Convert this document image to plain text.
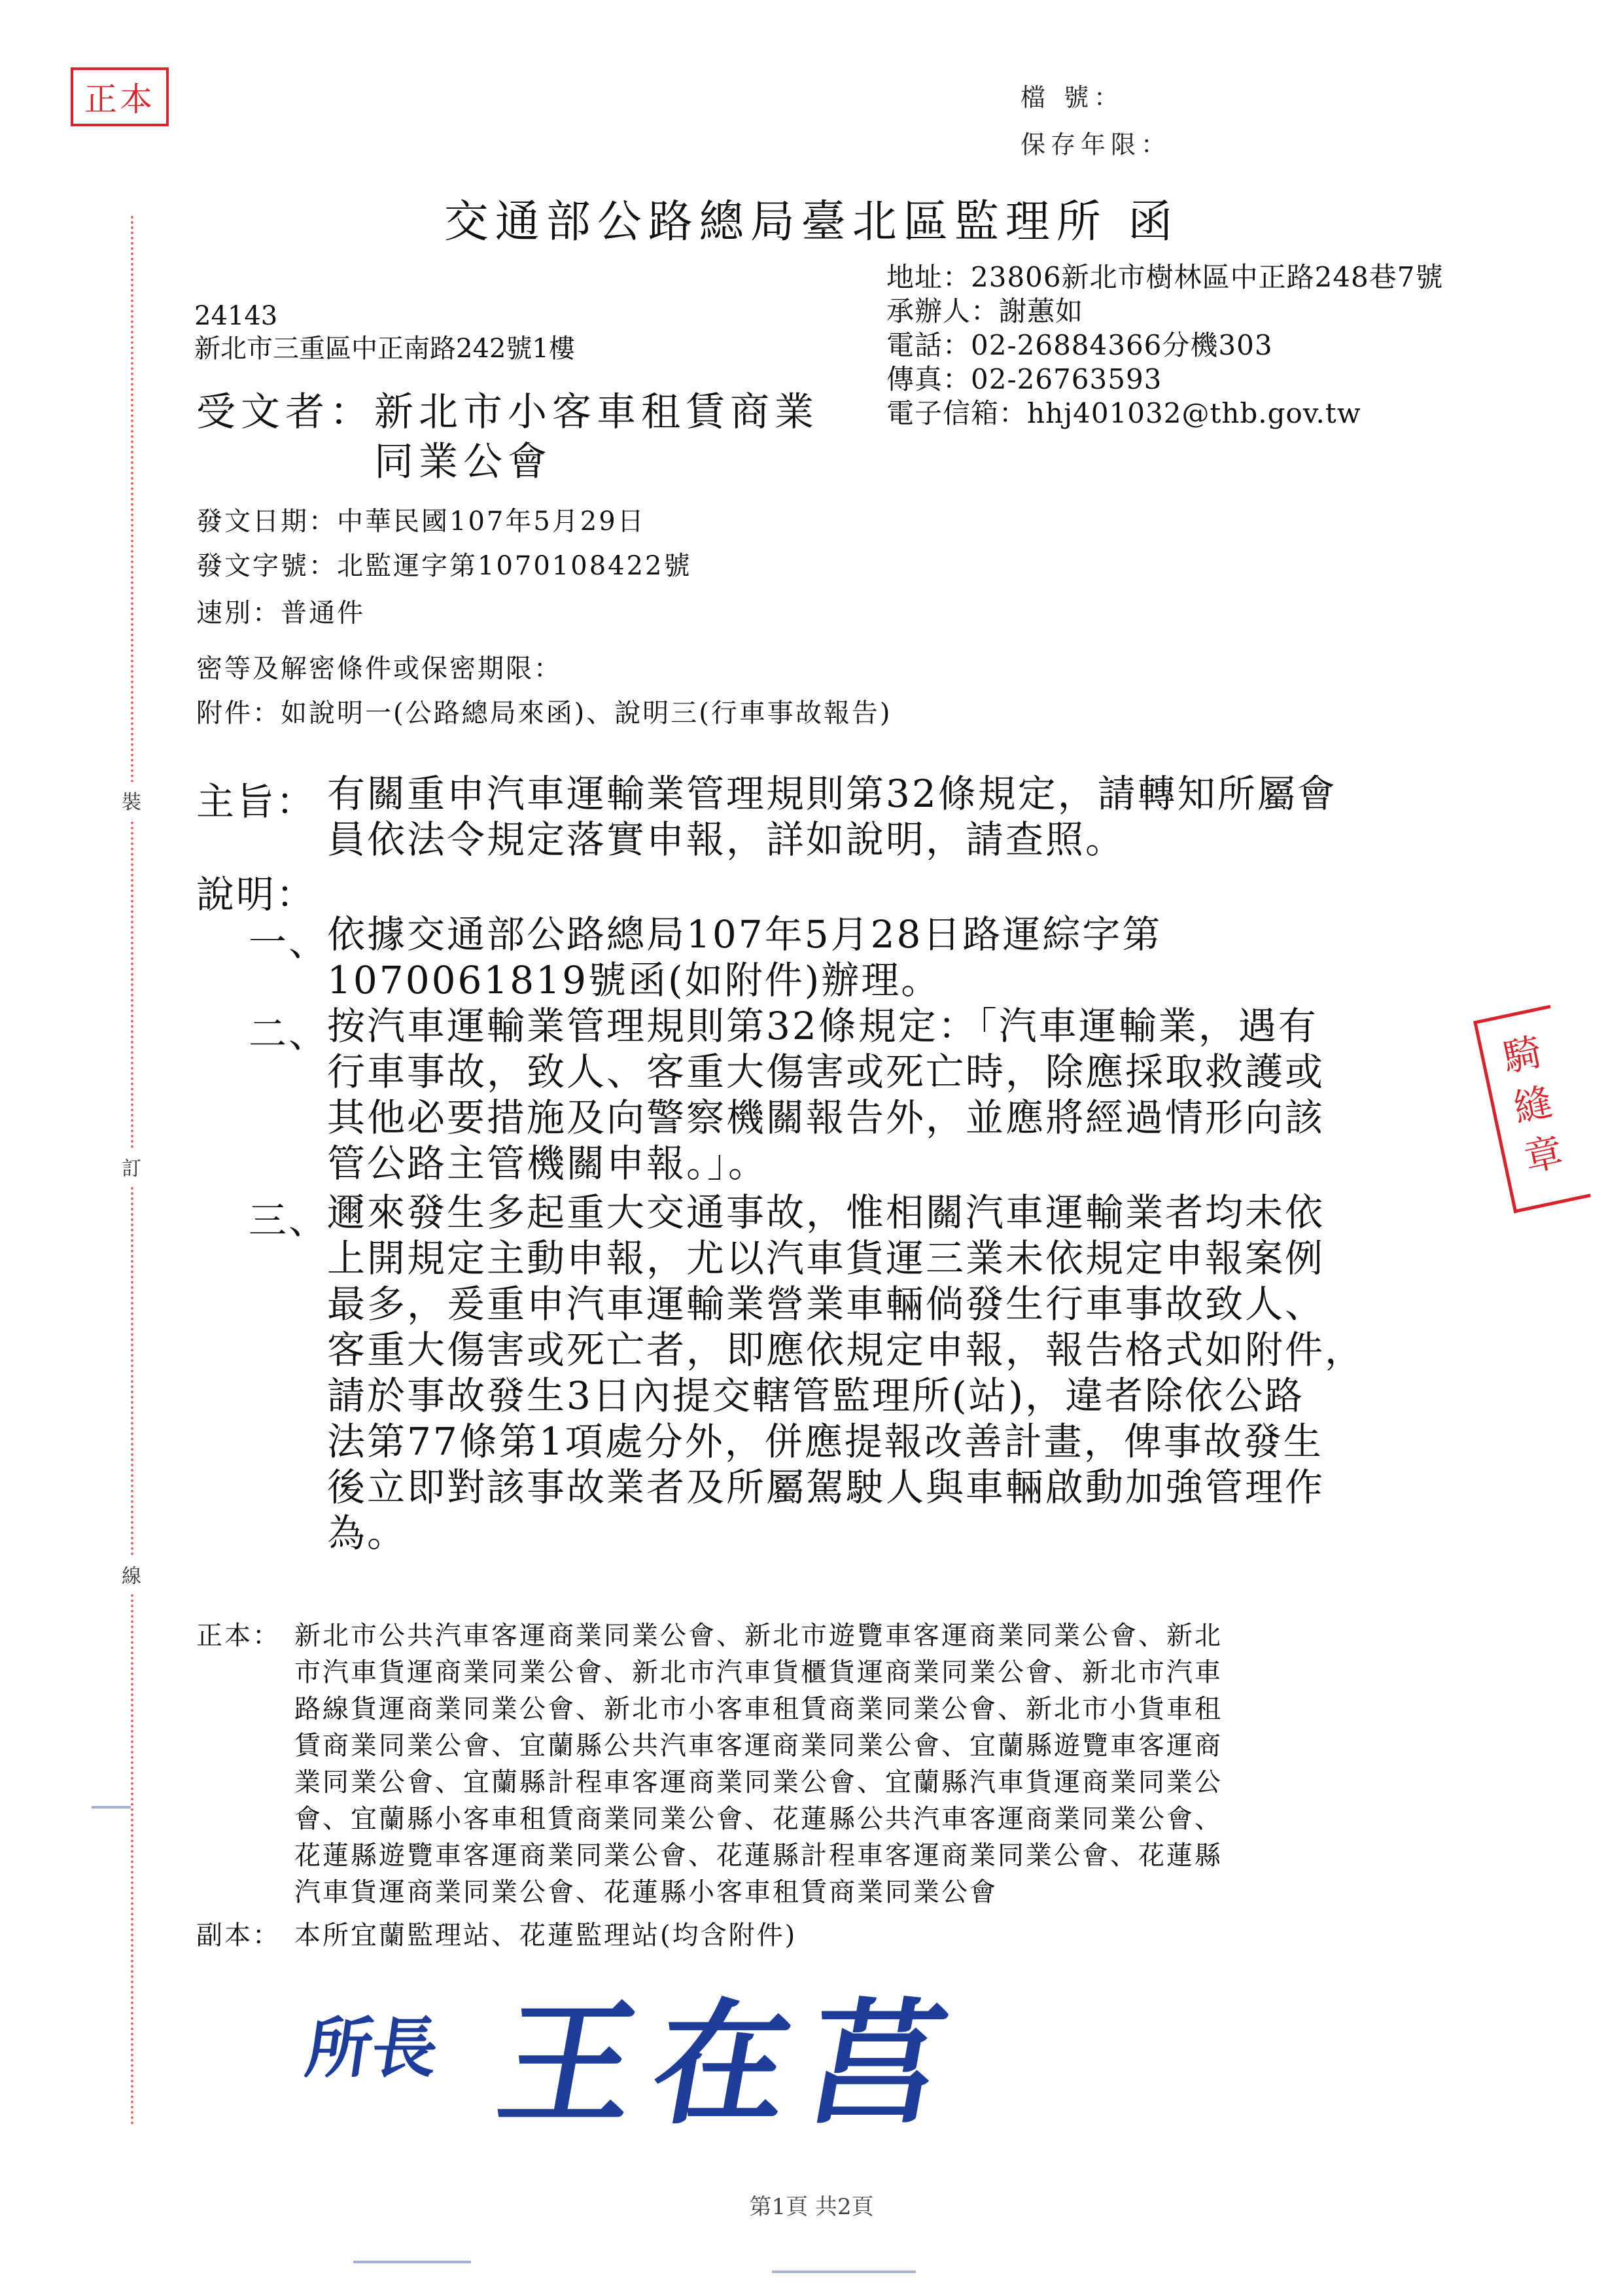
正本
騎縫章
裝
訂
線
檔 號：
保存年限：
交通部公路總局臺北區監理所 函
地址：23806新北市樹林區中正路248巷7號
承辦人：謝蕙如
電話：02-26884366分機303
傳真：02-26763593
電子信箱：hhj401032@thb.gov.tw
24143
新北市三重區中正南路242號1樓
受文者：新北市小客車租賃商業
同業公會
發文日期：中華民國107年5月29日
發文字號：北監運字第1070108422號
速別：普通件
密等及解密條件或保密期限：
附件：如說明一(公路總局來函)、說明三(行車事故報告)
主旨： 有關重申汽車運輸業管理規則第32條規定，請轉知所屬會
員依法令規定落實申報，詳如說明，請查照。
說明：
一、
依據交通部公路總局107年5月28日路運綜字第
1070061819號函(如附件)辦理。
二、
按汽車運輸業管理規則第32條規定：「汽車運輸業，遇有
行車事故，致人、客重大傷害或死亡時，除應採取救護或
其他必要措施及向警察機關報告外，並應將經過情形向該
管公路主管機關申報。」。
三、
邇來發生多起重大交通事故，惟相關汽車運輸業者均未依
上開規定主動申報，尤以汽車貨運三業未依規定申報案例
最多，爰重申汽車運輸業營業車輛倘發生行車事故致人、
客重大傷害或死亡者，即應依規定申報，報告格式如附件，
請於事故發生3日內提交轄管監理所(站)，違者除依公路
法第77條第1項處分外，併應提報改善計畫，俾事故發生
後立即對該事故業者及所屬駕駛人與車輛啟動加強管理作
為。
正本： 新北市公共汽車客運商業同業公會、新北市遊覽車客運商業同業公會、新北
市汽車貨運商業同業公會、新北市汽車貨櫃貨運商業同業公會、新北市汽車
路線貨運商業同業公會、新北市小客車租賃商業同業公會、新北市小貨車租
賃商業同業公會、宜蘭縣公共汽車客運商業同業公會、宜蘭縣遊覽車客運商
業同業公會、宜蘭縣計程車客運商業同業公會、宜蘭縣汽車貨運商業同業公
會、宜蘭縣小客車租賃商業同業公會、花蓮縣公共汽車客運商業同業公會、
花蓮縣遊覽車客運商業同業公會、花蓮縣計程車客運商業同業公會、花蓮縣
汽車貨運商業同業公會、花蓮縣小客車租賃商業同業公會
副本： 本所宜蘭監理站、花蓮監理站(均含附件)
所長 王在莒
第1頁 共2頁
